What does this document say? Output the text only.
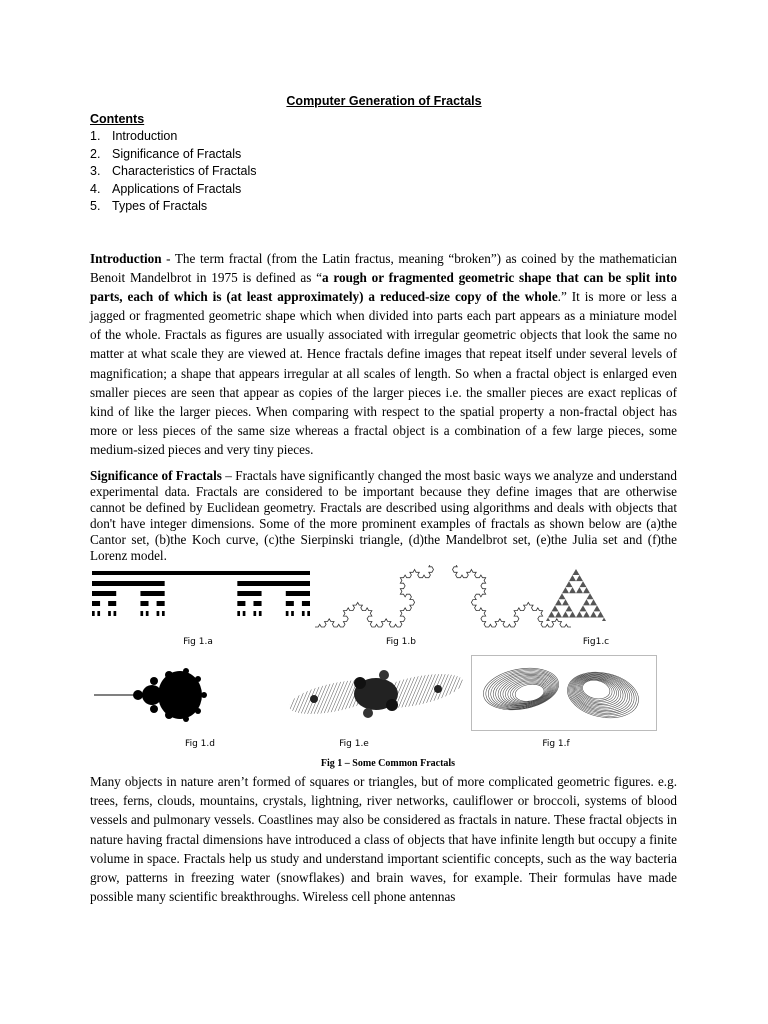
Computer Generation of Fractals
Contents
1. Introduction
2. Significance of Fractals
3. Characteristics of Fractals
4. Applications of Fractals
5. Types of Fractals

Introduction - The term fractal (from the Latin fractus, meaning “broken”) as coined by the mathematician Benoit Mandelbrot in 1975 is defined as “a rough or fragmented geometric shape that can be split into parts, each of which is (at least approximately) a reduced-size copy of the whole.” It is more or less a jagged or fragmented geometric shape which when divided into parts each part appears as a miniature model of the whole. Fractals as figures are usually associated with irregular geometric objects that look the same no matter at what scale they are viewed at. Hence fractals define images that repeat itself under several levels of magnification; a shape that appears irregular at all scales of length. So when a fractal object is enlarged even smaller pieces are seen that appear as copies of the larger pieces i.e. the smaller pieces are exact replicas of kind of like the larger pieces. When comparing with respect to the spatial property a non-fractal object has more or less pieces of the same size whereas a fractal object is a combination of a few large pieces, some medium-sized pieces and very tiny pieces.

Significance of Fractals – Fractals have significantly changed the most basic ways we analyze and understand experimental data. Fractals are considered to be important because they define images that are otherwise cannot be defined by Euclidean geometry. Fractals are described using algorithms and deals with objects that don't have integer dimensions. Some of the more prominent examples of fractals as shown below are (a)the Cantor set, (b)the Koch curve, (c)the Sierpinski triangle, (d)the Mandelbrot set, (e)the Julia set and (f)the Lorenz model.

Fig 1.a	Fig 1.b	Fig1.c
Fig 1.d	Fig 1.e	Fig 1.f
Fig 1 – Some Common Fractals

Many objects in nature aren’t formed of squares or triangles, but of more complicated geometric figures. e.g. trees, ferns, clouds, mountains, crystals, lightning, river networks, cauliflower or broccoli, systems of blood vessels and pulmonary vessels. Coastlines may also be considered as fractals in nature. These fractal objects in nature having fractal dimensions have introduced a class of objects that have infinite length but occupy a finite volume in space. Fractals help us study and understand important scientific concepts, such as the way bacteria grow, patterns in freezing water (snowflakes) and brain waves, for example. Their formulas have made possible many scientific breakthroughs. Wireless cell phone antennas
